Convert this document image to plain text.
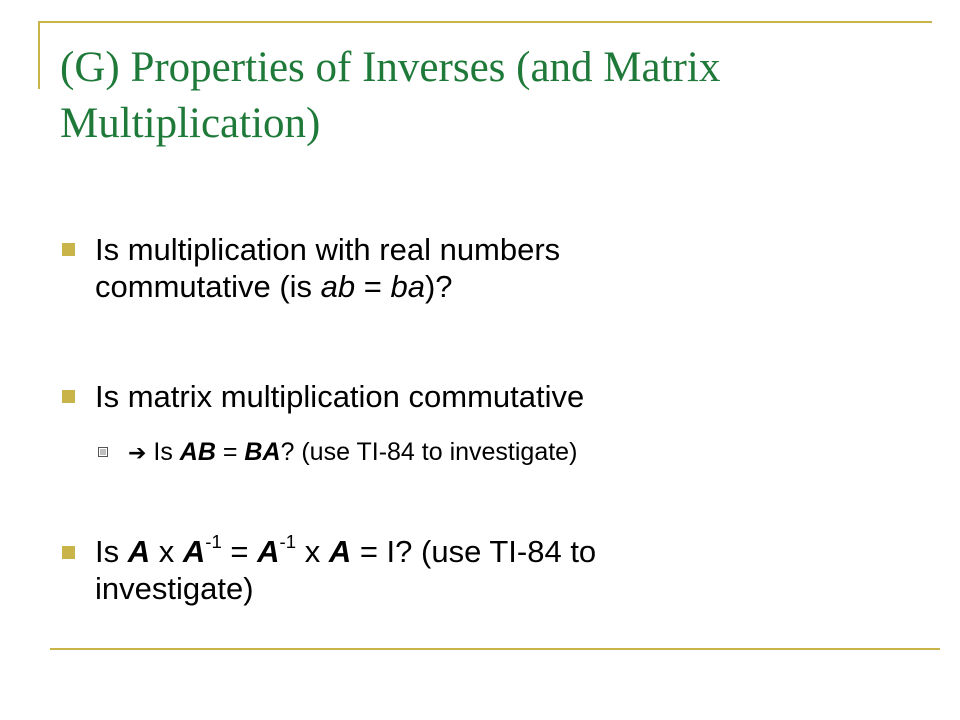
(G) Properties of Inverses (and Matrix Multiplication)

Is multiplication with real numbers
commutative (is ab = ba)?

Is matrix multiplication commutative

➔ Is AB = BA? (use TI-84 to investigate)

Is A x $A^{-1} = A^{-1}$ x A = I? (use TI-84 to
investigate)
